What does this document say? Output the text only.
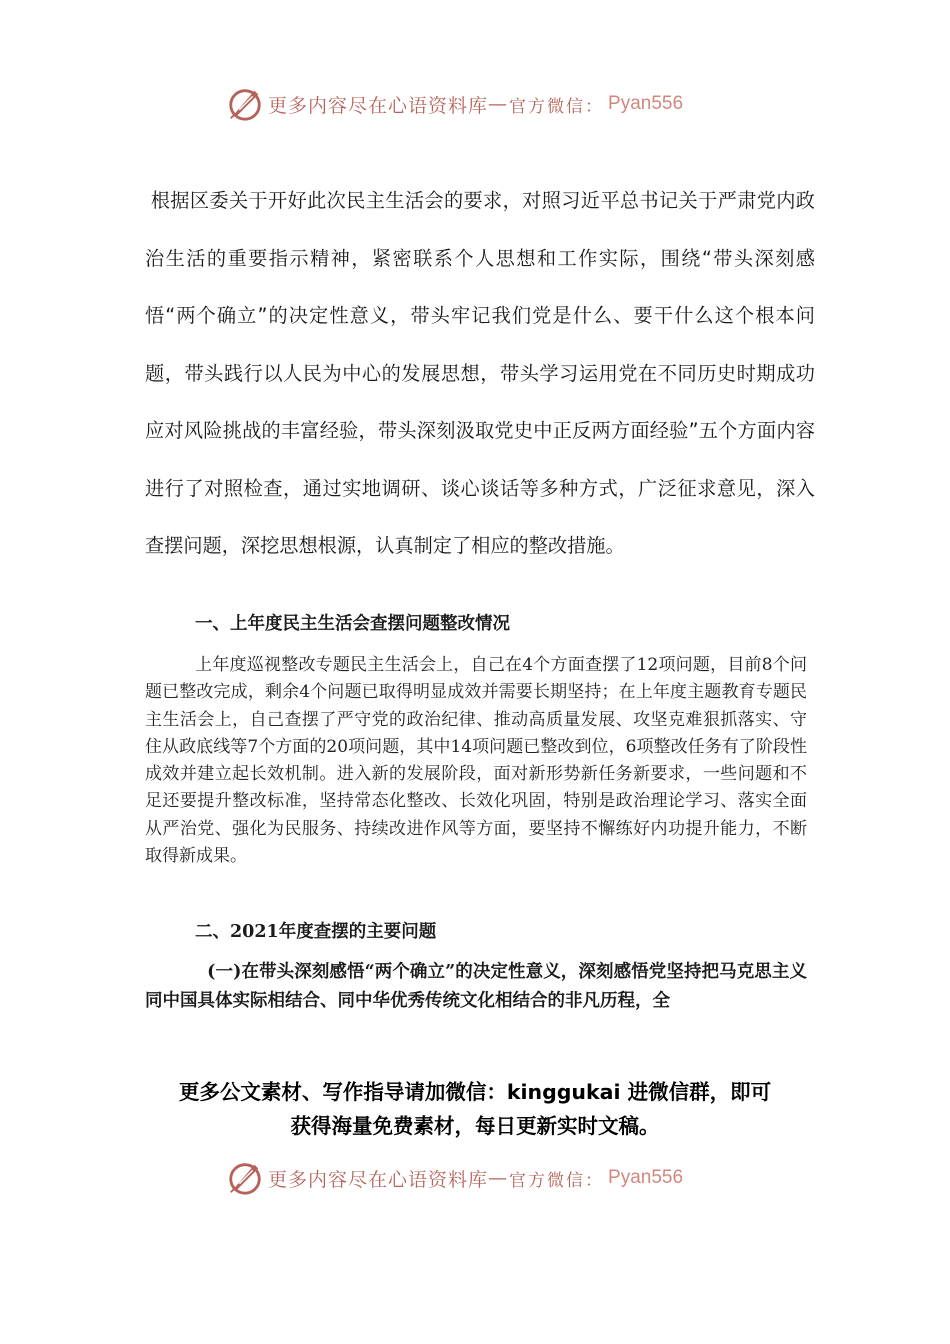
更多内容尽在心语资料库 — 官方微信： Pyan556

根据区委关于开好此次民主生活会的要求，对照习近平总书记关于严肃党内政治生活的重要指示精神，紧密联系个人思想和工作实际，围绕“带头深刻感悟“两个确立”的决定性意义，带头牢记我们党是什么、要干什么这个根本问题，带头践行以人民为中心的发展思想，带头学习运用党在不同历史时期成功应对风险挑战的丰富经验，带头深刻汲取党史中正反两方面经验”五个方面内容进行了对照检查，通过实地调研、谈心谈话等多种方式，广泛征求意见，深入查摆问题，深挖思想根源，认真制定了相应的整改措施。

一、上年度民主生活会查摆问题整改情况

上年度巡视整改专题民主生活会上，自己在4个方面查摆了12项问题，目前8个问题已整改完成，剩余4个问题已取得明显成效并需要长期坚持；在上年度主题教育专题民主生活会上，自己查摆了严守党的政治纪律、推动高质量发展、攻坚克难狠抓落实、守住从政底线等7个方面的20项问题，其中14项问题已整改到位，6项整改任务有了阶段性成效并建立起长效机制。进入新的发展阶段，面对新形势新任务新要求，一些问题和不足还要提升整改标准，坚持常态化整改、长效化巩固，特别是政治理论学习、落实全面从严治党、强化为民服务、持续改进作风等方面，要坚持不懈练好内功提升能力，不断取得新成果。

二、2021年度查摆的主要问题

(一)在带头深刻感悟“两个确立”的决定性意义，深刻感悟党坚持把马克思主义同中国具体实际相结合、同中华优秀传统文化相结合的非凡历程，全

更多公文素材、写作指导请加微信：kinggukai 进微信群，即可
获得海量免费素材，每日更新实时文稿。
更多内容尽在心语资料库 — 官方微信： Pyan556
